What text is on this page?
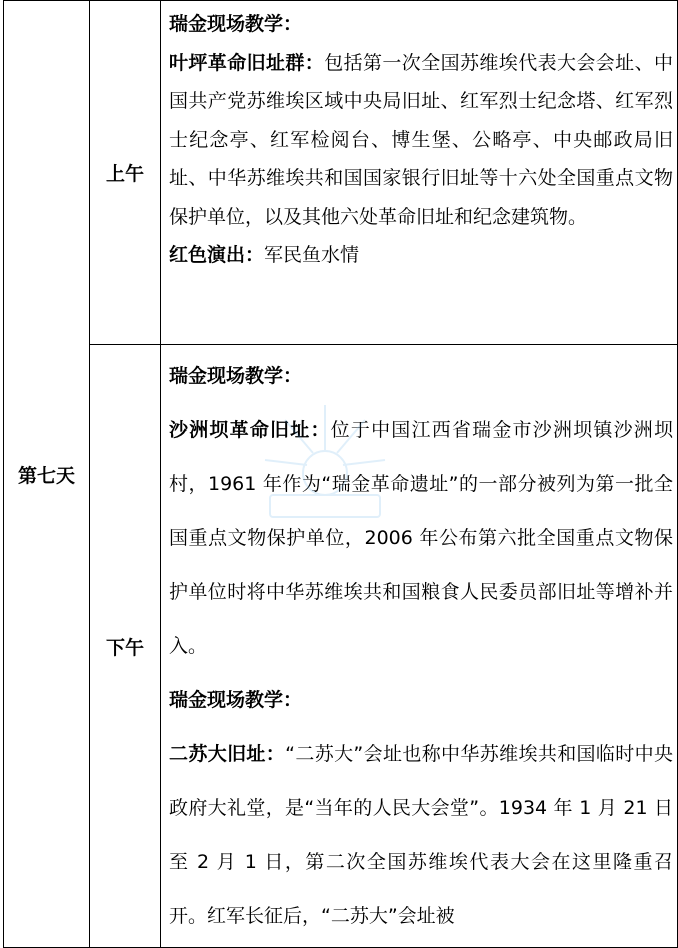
第七天	上午	瑞金现场教学：

叶坪革命旧址群：包括第一次全国苏维埃代表大会会址、中国共产党苏维埃区域中央局旧址、红军烈士纪念塔、红军烈士纪念亭、红军检阅台、博生堡、公略亭、中央邮政局旧址、中华苏维埃共和国国家银行旧址等十六处全国重点文物保护单位，以及其他六处革命旧址和纪念建筑物。

红色演出：军民鱼水情

	下午	瑞金现场教学：

沙洲坝革命旧址：位于中国江西省瑞金市沙洲坝镇沙洲坝村，1961 年作为“瑞金革命遗址”的一部分被列为第一批全国重点文物保护单位，2006 年公布第六批全国重点文物保护单位时将中华苏维埃共和国粮食人民委员部旧址等增补并入。

瑞金现场教学：

二苏大旧址：“二苏大”会址也称中华苏维埃共和国临时中央政府大礼堂，是“当年的人民大会堂”。1934 年 1 月 21 日至 2 月 1 日，第二次全国苏维埃代表大会在这里隆重召开。红军长征后，“二苏大”会址被
